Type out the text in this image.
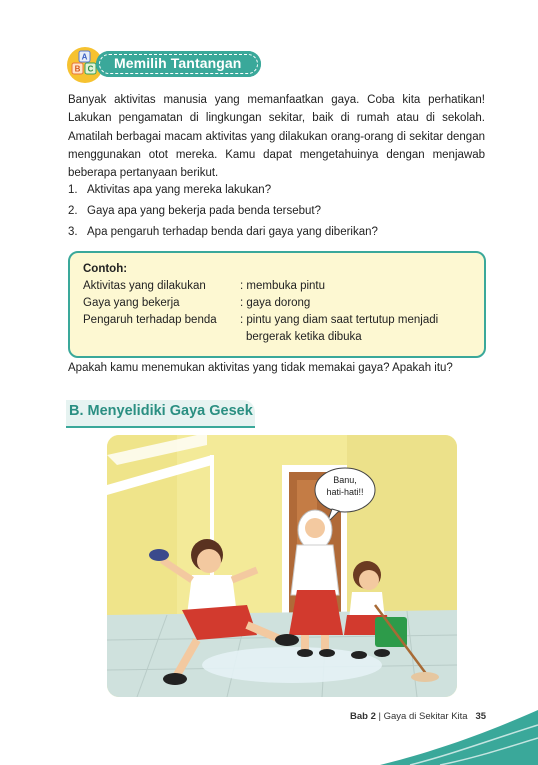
A
B C Memilih Tantangan
Banyak aktivitas manusia yang memanfaatkan gaya. Coba kita perhatikan! Lakukan pengamatan di lingkungan sekitar, baik di rumah atau di sekolah. Amatilah berbagai macam aktivitas yang dilakukan orang-orang di sekitar dengan menggunakan otot mereka. Kamu dapat mengetahuinya dengan menjawab beberapa pertanyaan berikut.
1. Aktivitas apa yang mereka lakukan?
2. Gaya apa yang bekerja pada benda tersebut?
3. Apa pengaruh terhadap benda dari gaya yang diberikan?
Contoh:
Aktivitas yang dilakukan	: membuka pintu
Gaya yang bekerja	: gaya dorong
Pengaruh terhadap benda	: pintu yang diam saat tertutup menjadi
bergerak ketika dibuka
Apakah kamu menemukan aktivitas yang tidak memakai gaya? Apakah itu?
B. Menyelidiki Gaya Gesek
Banu,
hati-hati!!
Bab 2 | Gaya di Sekitar Kita 35
